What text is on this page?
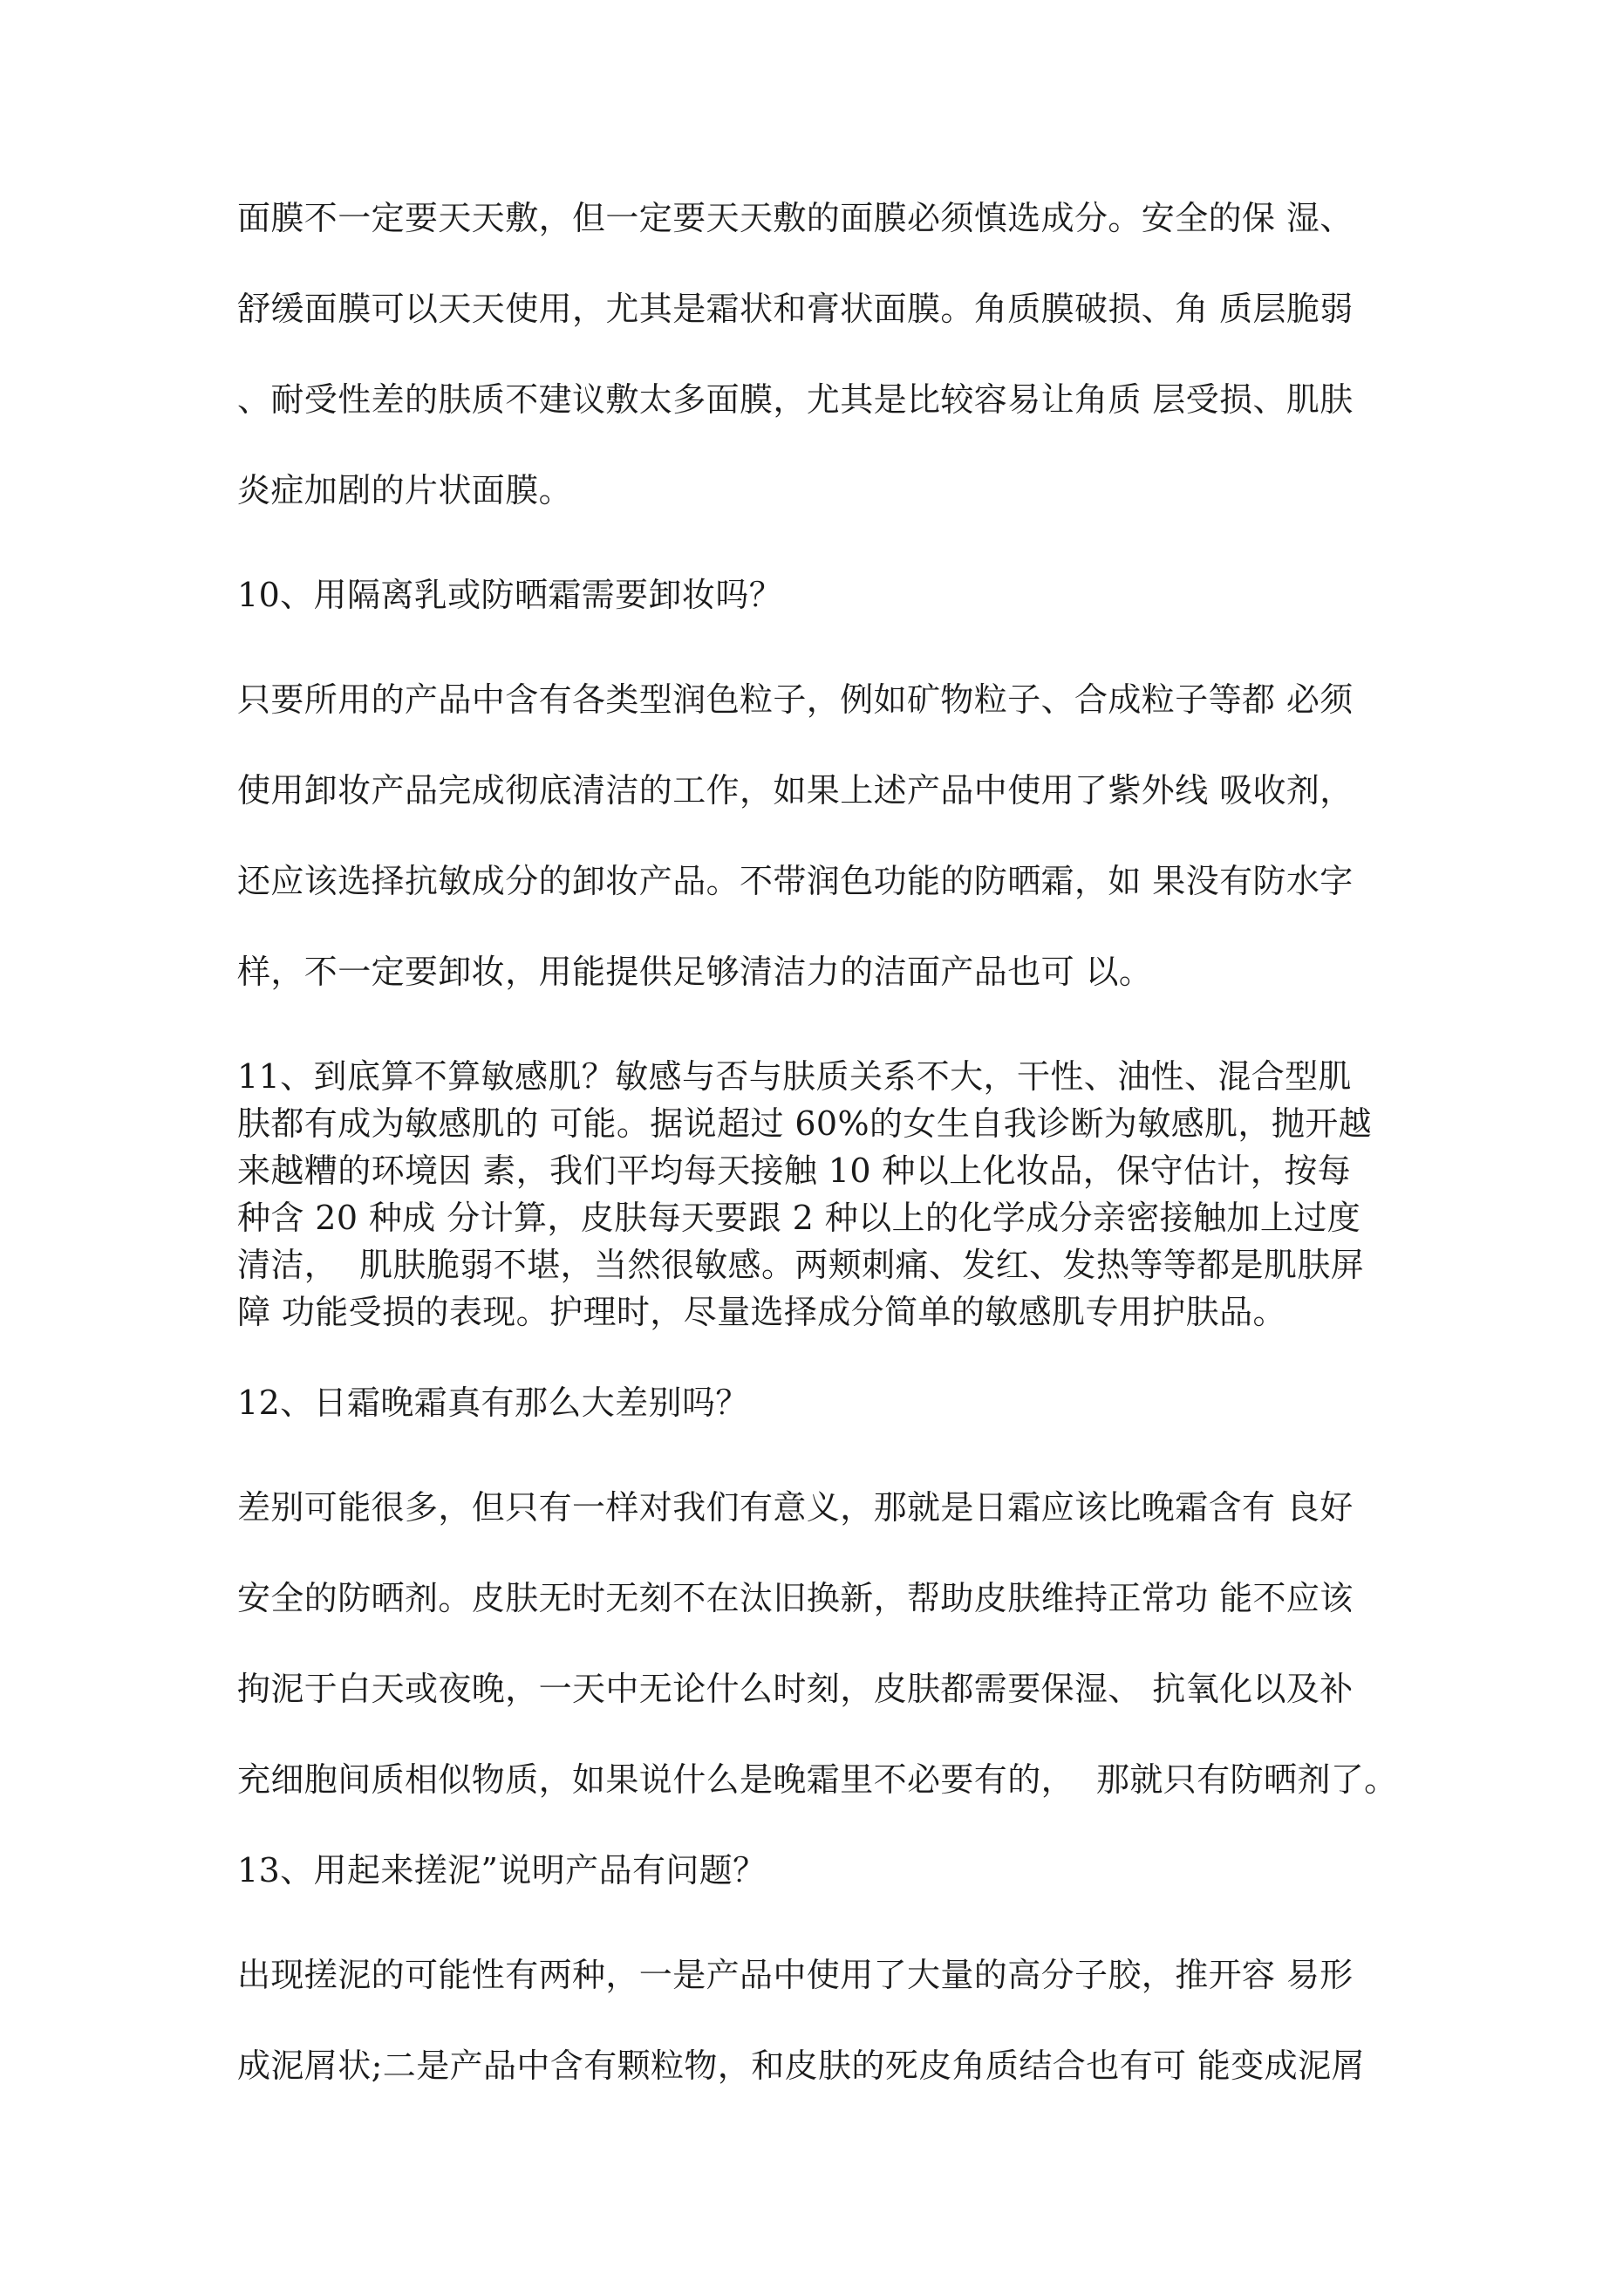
面膜不一定要天天敷，但一定要天天敷的面膜必须慎选成分。安全的保 湿、

舒缓面膜可以天天使用，尤其是霜状和膏状面膜。角质膜破损、角 质层脆弱

、耐受性差的肤质不建议敷太多面膜，尤其是比较容易让角质 层受损、肌肤

炎症加剧的片状面膜。

10、用隔离乳或防晒霜需要卸妆吗？

只要所用的产品中含有各类型润色粒子，例如矿物粒子、合成粒子等都 必须

使用卸妆产品完成彻底清洁的工作，如果上述产品中使用了紫外线 吸收剂，

还应该选择抗敏成分的卸妆产品。不带润色功能的防晒霜，如 果没有防水字

样，不一定要卸妆，用能提供足够清洁力的洁面产品也可 以。

11、到底算不算敏感肌？敏感与否与肤质关系不大，干性、油性、混合型肌

肤都有成为敏感肌的 可能。据说超过 60%的女生自我诊断为敏感肌，抛开越

来越糟的环境因 素，我们平均每天接触 10 种以上化妆品，保守估计，按每

种含 20 种成 分计算，皮肤每天要跟 2 种以上的化学成分亲密接触加上过度

清洁，  肌肤脆弱不堪，当然很敏感。两颊刺痛、发红、发热等等都是肌肤屏

障 功能受损的表现。护理时，尽量选择成分简单的敏感肌专用护肤品。

12、日霜晚霜真有那么大差别吗？

差别可能很多，但只有一样对我们有意义，那就是日霜应该比晚霜含有 良好

安全的防晒剂。皮肤无时无刻不在汰旧换新，帮助皮肤维持正常功 能不应该

拘泥于白天或夜晚，一天中无论什么时刻，皮肤都需要保湿、 抗氧化以及补

充细胞间质相似物质，如果说什么是晚霜里不必要有的，  那就只有防晒剂了。

13、用起来搓泥”说明产品有问题？

出现搓泥的可能性有两种，一是产品中使用了大量的高分子胶，推开容 易形

成泥屑状;二是产品中含有颗粒物，和皮肤的死皮角质结合也有可 能变成泥屑
